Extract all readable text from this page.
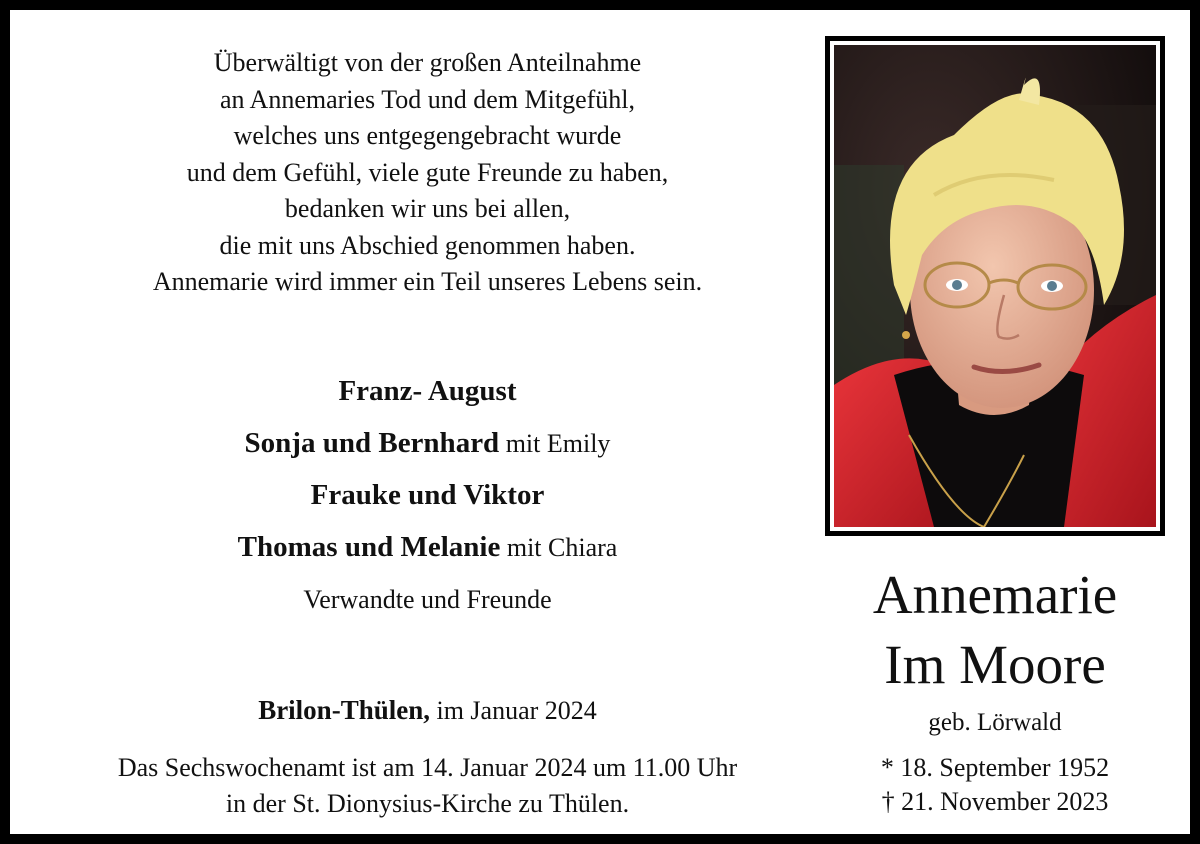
Überwältigt von der großen Anteilnahme
an Annemaries Tod und dem Mitgefühl,
welches uns entgegengebracht wurde
und dem Gefühl, viele gute Freunde zu haben,
bedanken wir uns bei allen,
die mit uns Abschied genommen haben.
Annemarie wird immer ein Teil unseres Lebens sein.
Franz- August
Sonja und Bernhard mit Emily
Frauke und Viktor
Thomas und Melanie mit Chiara
Verwandte und Freunde
Brilon-Thülen, im Januar 2024
Das Sechswochenamt ist am 14. Januar 2024 um 11.00 Uhr
in der St. Dionysius-Kirche zu Thülen.
Annemarie
Im Moore
geb. Lörwald
* 18. September 1952
† 21. November 2023
